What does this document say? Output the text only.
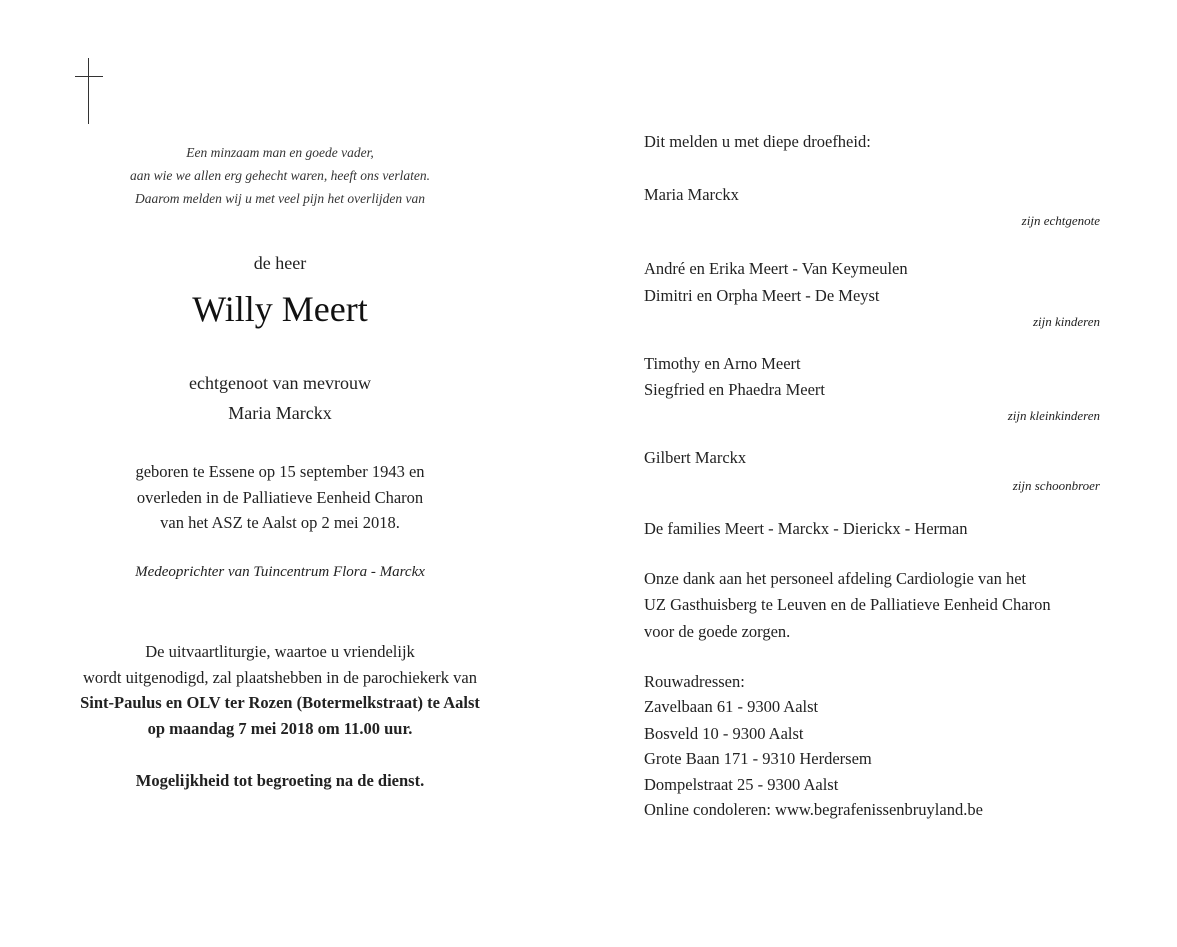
Een minzaam man en goede vader,
aan wie we allen erg gehecht waren, heeft ons verlaten.
Daarom melden wij u met veel pijn het overlijden van
de heer
Willy Meert
echtgenoot van mevrouw
Maria Marckx
geboren te Essene op 15 september 1943 en
overleden in de Palliatieve Eenheid Charon
van het ASZ te Aalst op 2 mei 2018.
Medeoprichter van Tuincentrum Flora - Marckx
De uitvaartliturgie, waartoe u vriendelijk
wordt uitgenodigd, zal plaatshebben in de parochiekerk van
Sint-Paulus en OLV ter Rozen (Botermelkstraat) te Aalst
op maandag 7 mei 2018 om 11.00 uur.
Mogelijkheid tot begroeting na de dienst.
Dit melden u met diepe droefheid:
Maria Marckx
zijn echtgenote
André en Erika Meert - Van Keymeulen
Dimitri en Orpha Meert - De Meyst
zijn kinderen
Timothy en Arno Meert
Siegfried en Phaedra Meert
zijn kleinkinderen
Gilbert Marckx
zijn schoonbroer
De families Meert - Marckx - Dierickx - Herman
Onze dank aan het personeel afdeling Cardiologie van het
UZ Gasthuisberg te Leuven en de Palliatieve Eenheid Charon
voor de goede zorgen.
Rouwadressen:
Zavelbaan 61 - 9300 Aalst
Bosveld 10 - 9300 Aalst
Grote Baan 171 - 9310 Herdersem
Dompelstraat 25 - 9300 Aalst
Online condoleren: www.begrafenissenbruyland.be
